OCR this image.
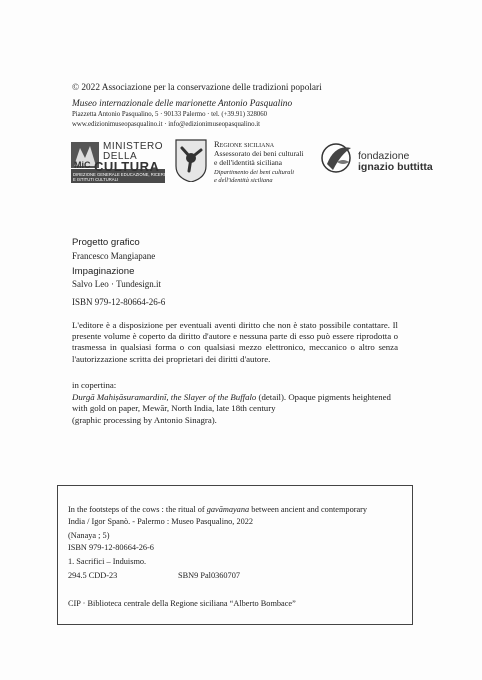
© 2022 Associazione per la conservazione delle tradizioni popolari
Museo internazionale delle marionette Antonio Pasqualino
Piazzetta Antonio Pasqualino, 5 · 90133 Palermo · tel. (+39.91) 328060
www.edizionimuseopasqualino.it · info@edizionimuseopasqualino.it
MINISTERO
DELLA
MiC CULTURA
DIREZIONE GENERALE EDUCAZIONE, RICERCA
E ISTITUTI CULTURALI
Regione siciliana
Assessorato dei beni culturali
e dell'identità siciliana
Dipartimento dei beni culturali
e dell'identità siciliana
fondazione
ignazio buttitta
Progetto grafico
Francesco Mangiapane
Impaginazione
Salvo Leo · Tundesign.it
ISBN 979-12-80664-26-6
L'editore è a disposizione per eventuali aventi diritto che non è stato possibile contattare. Il presente volume è coperto da diritto d'autore e nessuna parte di esso può essere riprodotta o trasmessa in qualsiasi forma o con qualsiasi mezzo elettronico, meccanico o altro senza l'autorizzazione scritta dei proprietari dei diritti d'autore.
in copertina:
Durgā Mahiṣāsuramardinī, the Slayer of the Buffalo (detail). Opaque pigments heightened with gold on paper, Mewār, North India, late 18th century
(graphic processing by Antonio Sinagra).
In the footsteps of the cows : the ritual of gavāmayana between ancient and contemporary
India / Igor Spanò. - Palermo : Museo Pasqualino, 2022
(Nanaya ; 5)
ISBN 979-12-80664-26-6
1. Sacrifici – Induismo.
294.5 CDD-23	SBN9 Pal0360707
CIP · Biblioteca centrale della Regione siciliana “Alberto Bombace”
